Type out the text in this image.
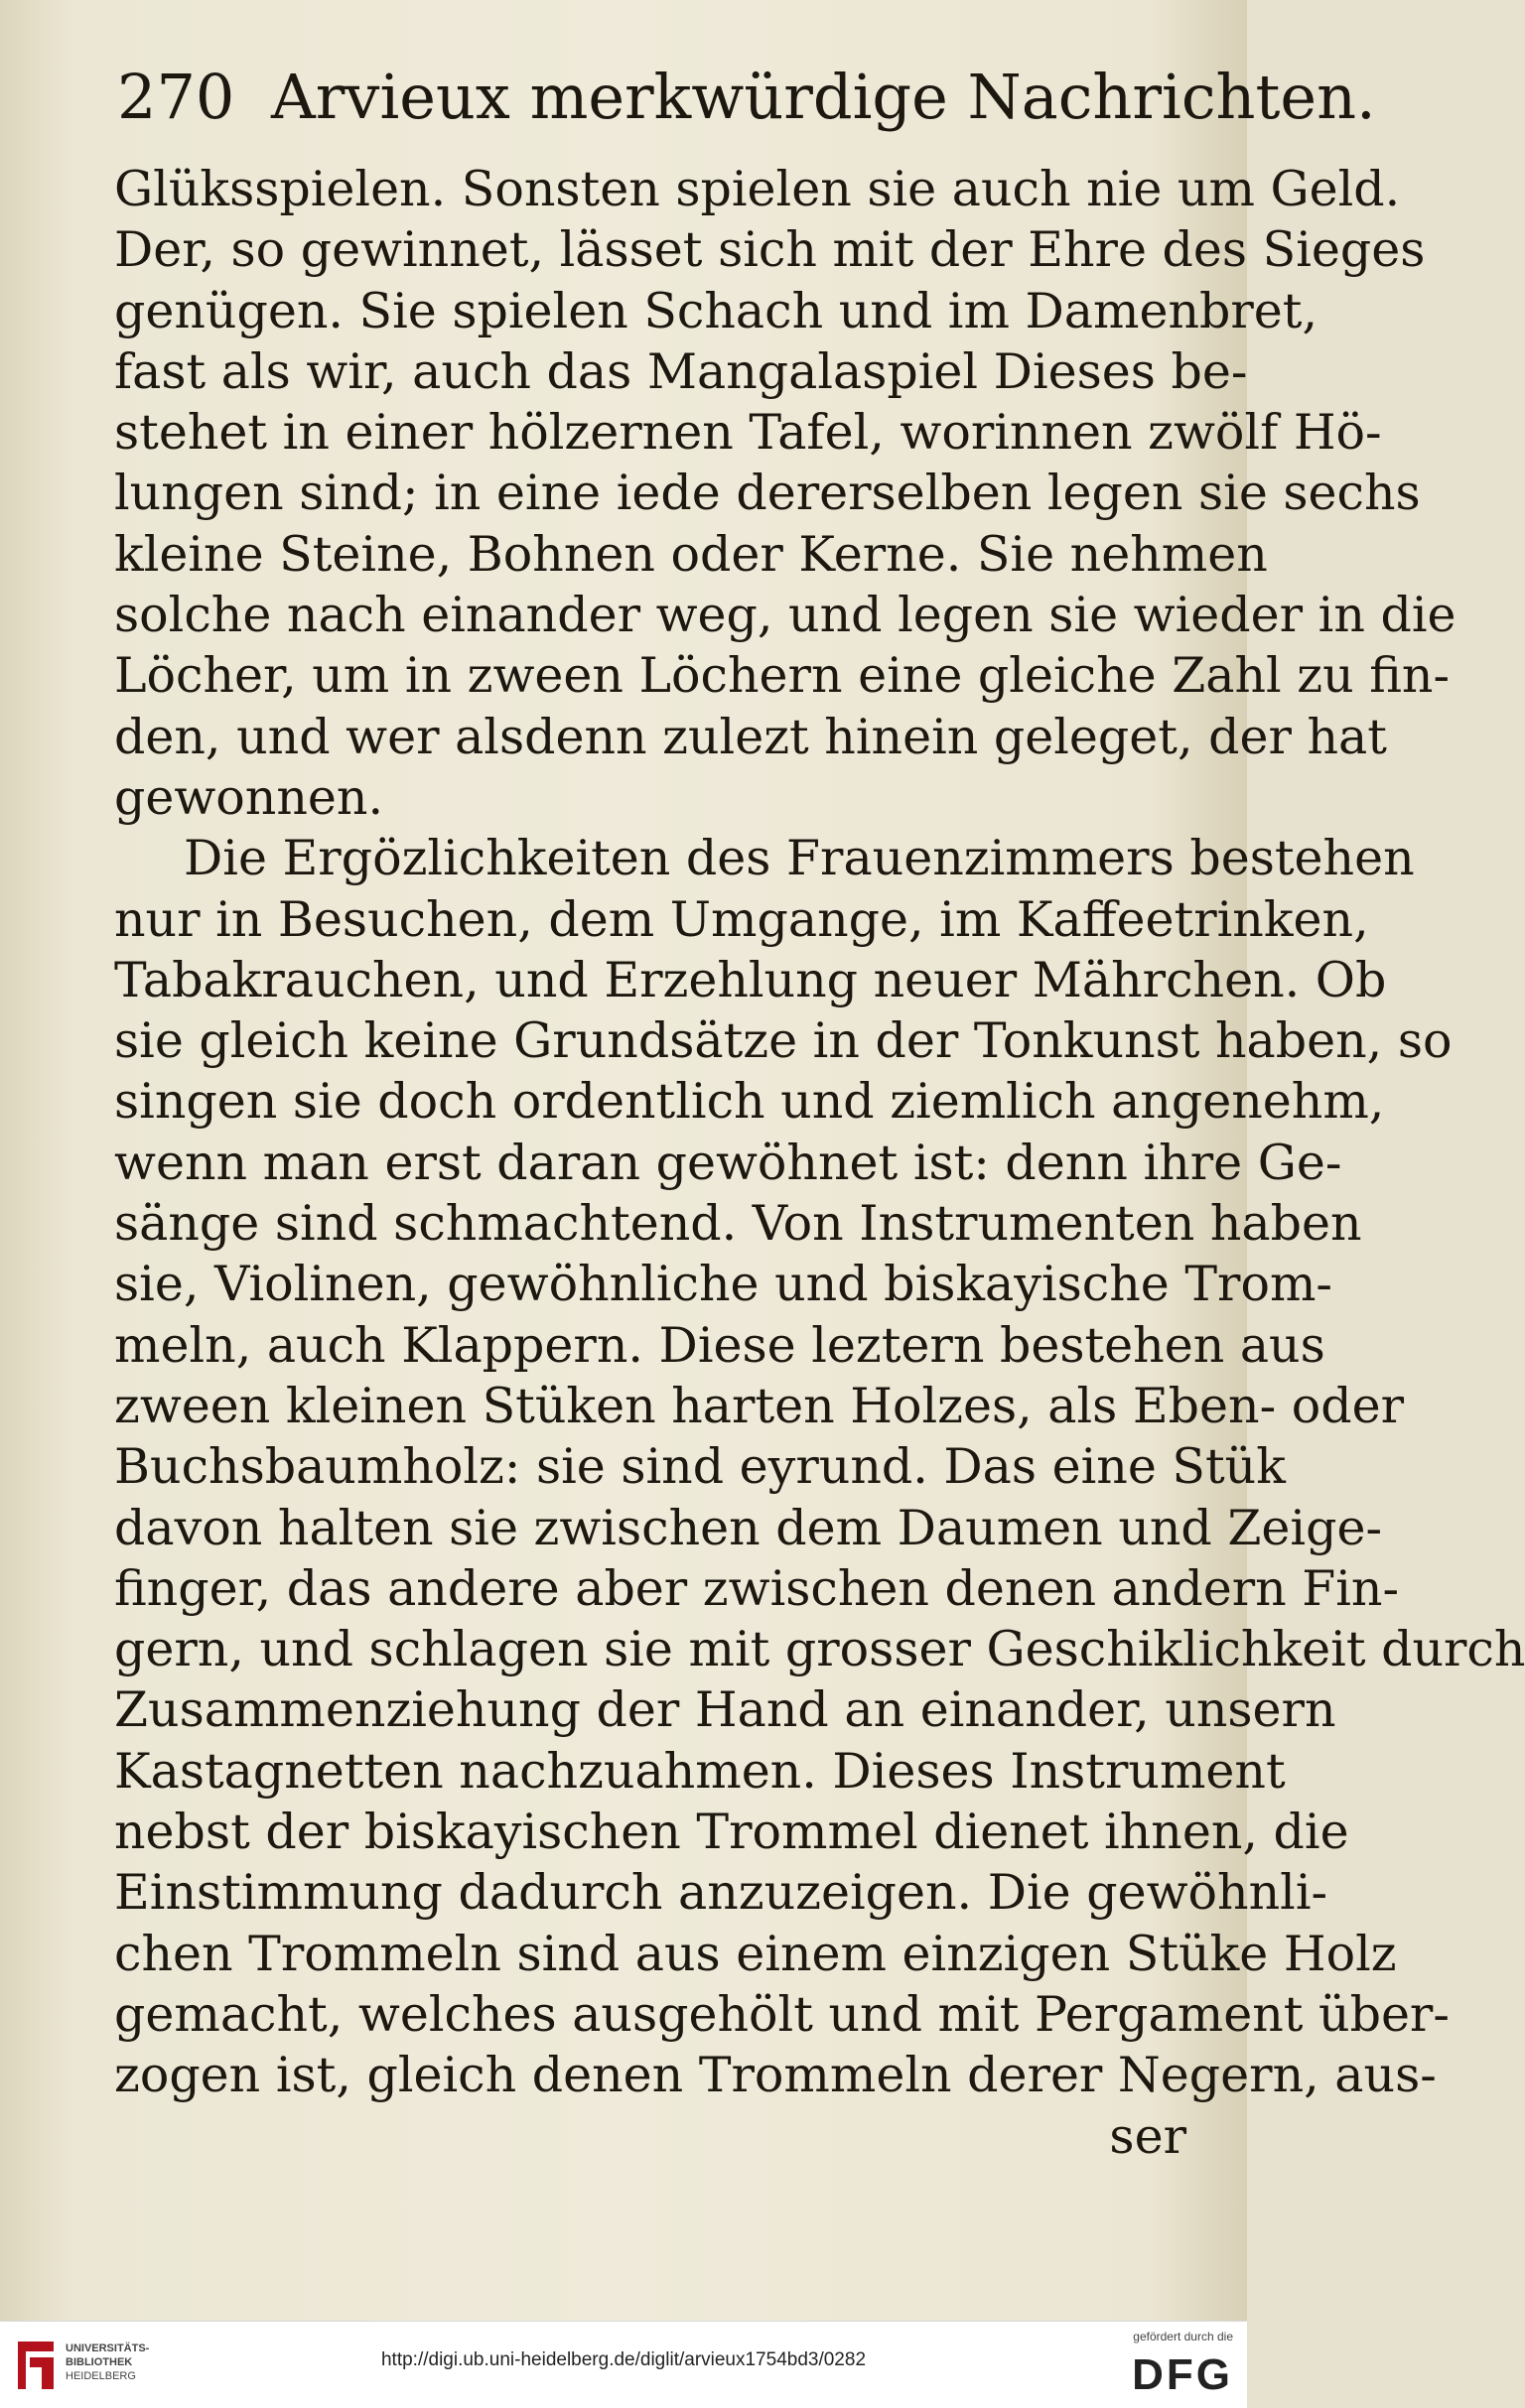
270 Arvieux merkwürdige Nachrichten.
Glüksspielen. Sonsten spielen sie auch nie um Geld.
Der, so gewinnet, lässet sich mit der Ehre des Sieges
genügen. Sie spielen Schach und im Damenbret,
fast als wir, auch das Mangalaspiel Dieses be-
stehet in einer hölzernen Tafel, worinnen zwölf Hö-
lungen sind; in eine iede dererselben legen sie sechs
kleine Steine, Bohnen oder Kerne. Sie nehmen
solche nach einander weg, und legen sie wieder in die
Löcher, um in zween Löchern eine gleiche Zahl zu fin-
den, und wer alsdenn zulezt hinein geleget, der hat
gewonnen.
Die Ergözlichkeiten des Frauenzimmers bestehen
nur in Besuchen, dem Umgange, im Kaffeetrinken,
Tabakrauchen, und Erzehlung neuer Mährchen. Ob
sie gleich keine Grundsätze in der Tonkunst haben, so
singen sie doch ordentlich und ziemlich angenehm,
wenn man erst daran gewöhnet ist: denn ihre Ge-
sänge sind schmachtend. Von Instrumenten haben
sie, Violinen, gewöhnliche und biskayische Trom-
meln, auch Klappern. Diese leztern bestehen aus
zween kleinen Stüken harten Holzes, als Eben- oder
Buchsbaumholz: sie sind eyrund. Das eine Stük
davon halten sie zwischen dem Daumen und Zeige-
finger, das andere aber zwischen denen andern Fin-
gern, und schlagen sie mit grosser Geschiklichkeit durch
Zusammenziehung der Hand an einander, unsern
Kastagnetten nachzuahmen. Dieses Instrument
nebst der biskayischen Trommel dienet ihnen, die
Einstimmung dadurch anzuzeigen. Die gewöhnli-
chen Trommeln sind aus einem einzigen Stüke Holz
gemacht, welches ausgehölt und mit Pergament über-
zogen ist, gleich denen Trommeln derer Negern, aus-
ser
UNIVERSITÄTS-
BIBLIOTHEK
HEIDELBERG
http://digi.ub.uni-heidelberg.de/diglit/arvieux1754bd3/0282
gefördert durch die
DFG
